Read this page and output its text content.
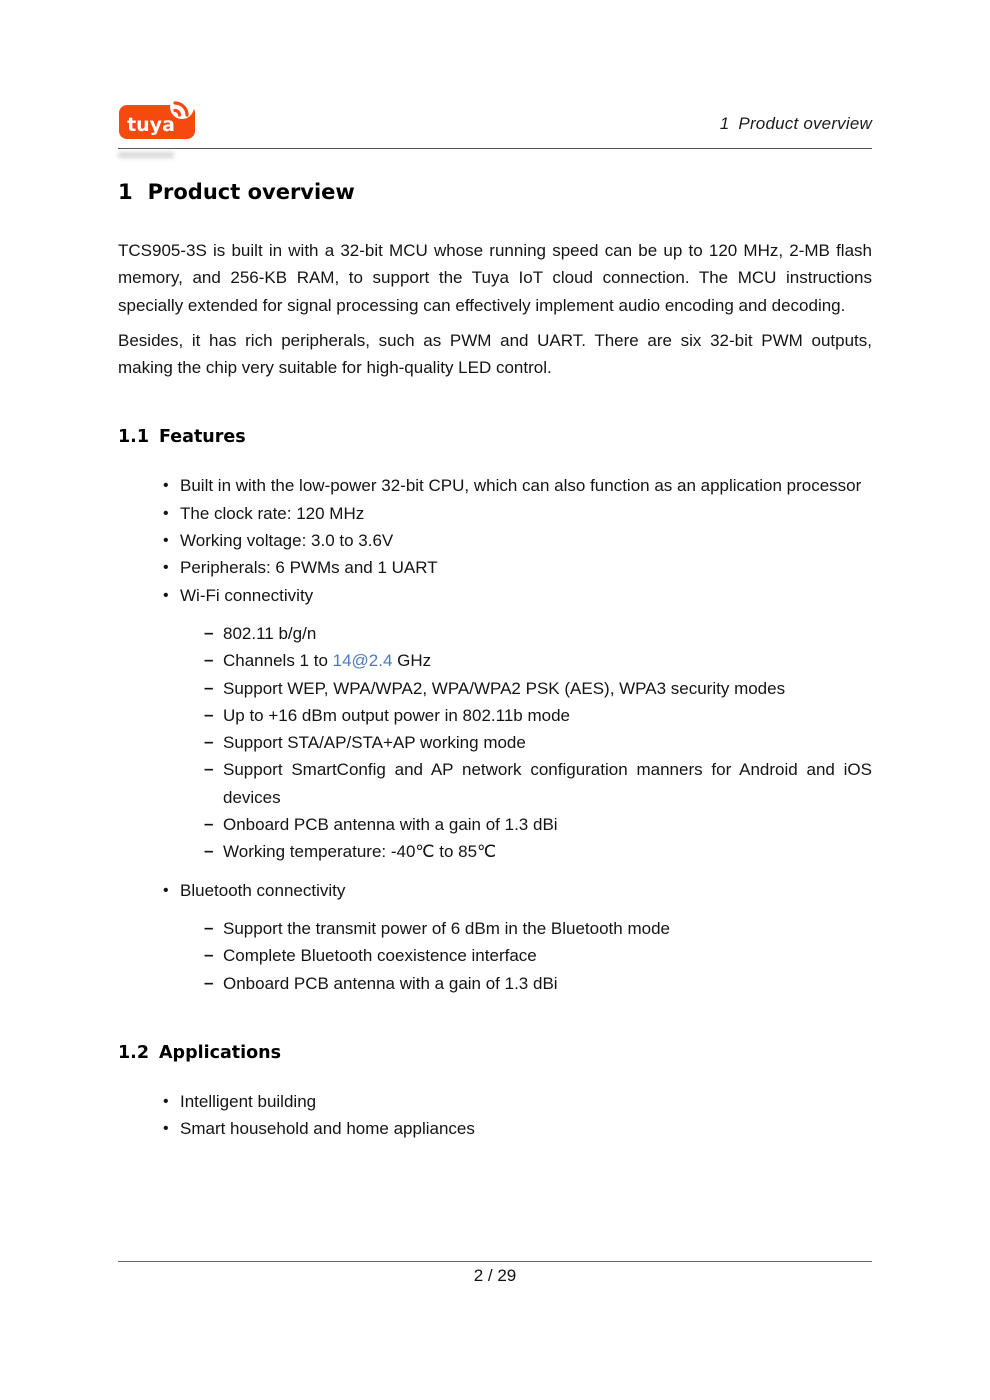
tuya	1 Product overview
1 Product overview

TCS905-3S is built in with a 32-bit MCU whose running speed can be up to 120 MHz, 2-MB flash memory, and 256-KB RAM, to support the Tuya IoT cloud connection. The MCU instructions specially extended for signal processing can effectively implement audio encoding and decoding.

Besides, it has rich peripherals, such as PWM and UART. There are six 32-bit PWM outputs, making the chip very suitable for high-quality LED control.

1.1 Features
• Built in with the low-power 32-bit CPU, which can also function as an application processor
• The clock rate: 120 MHz
• Working voltage: 3.0 to 3.6V
• Peripherals: 6 PWMs and 1 UART
• Wi-Fi connectivity
– 802.11 b/g/n
– Channels 1 to 14@2.4 GHz
– Support WEP, WPA/WPA2, WPA/WPA2 PSK (AES), WPA3 security modes
– Up to +16 dBm output power in 802.11b mode
– Support STA/AP/STA+AP working mode
– Support SmartConfig and AP network configuration manners for Android and iOS devices
– Onboard PCB antenna with a gain of 1.3 dBi
– Working temperature: -40℃ to 85℃
• Bluetooth connectivity
– Support the transmit power of 6 dBm in the Bluetooth mode
– Complete Bluetooth coexistence interface
– Onboard PCB antenna with a gain of 1.3 dBi
1.2 Applications
• Intelligent building
• Smart household and home appliances
2 / 29
